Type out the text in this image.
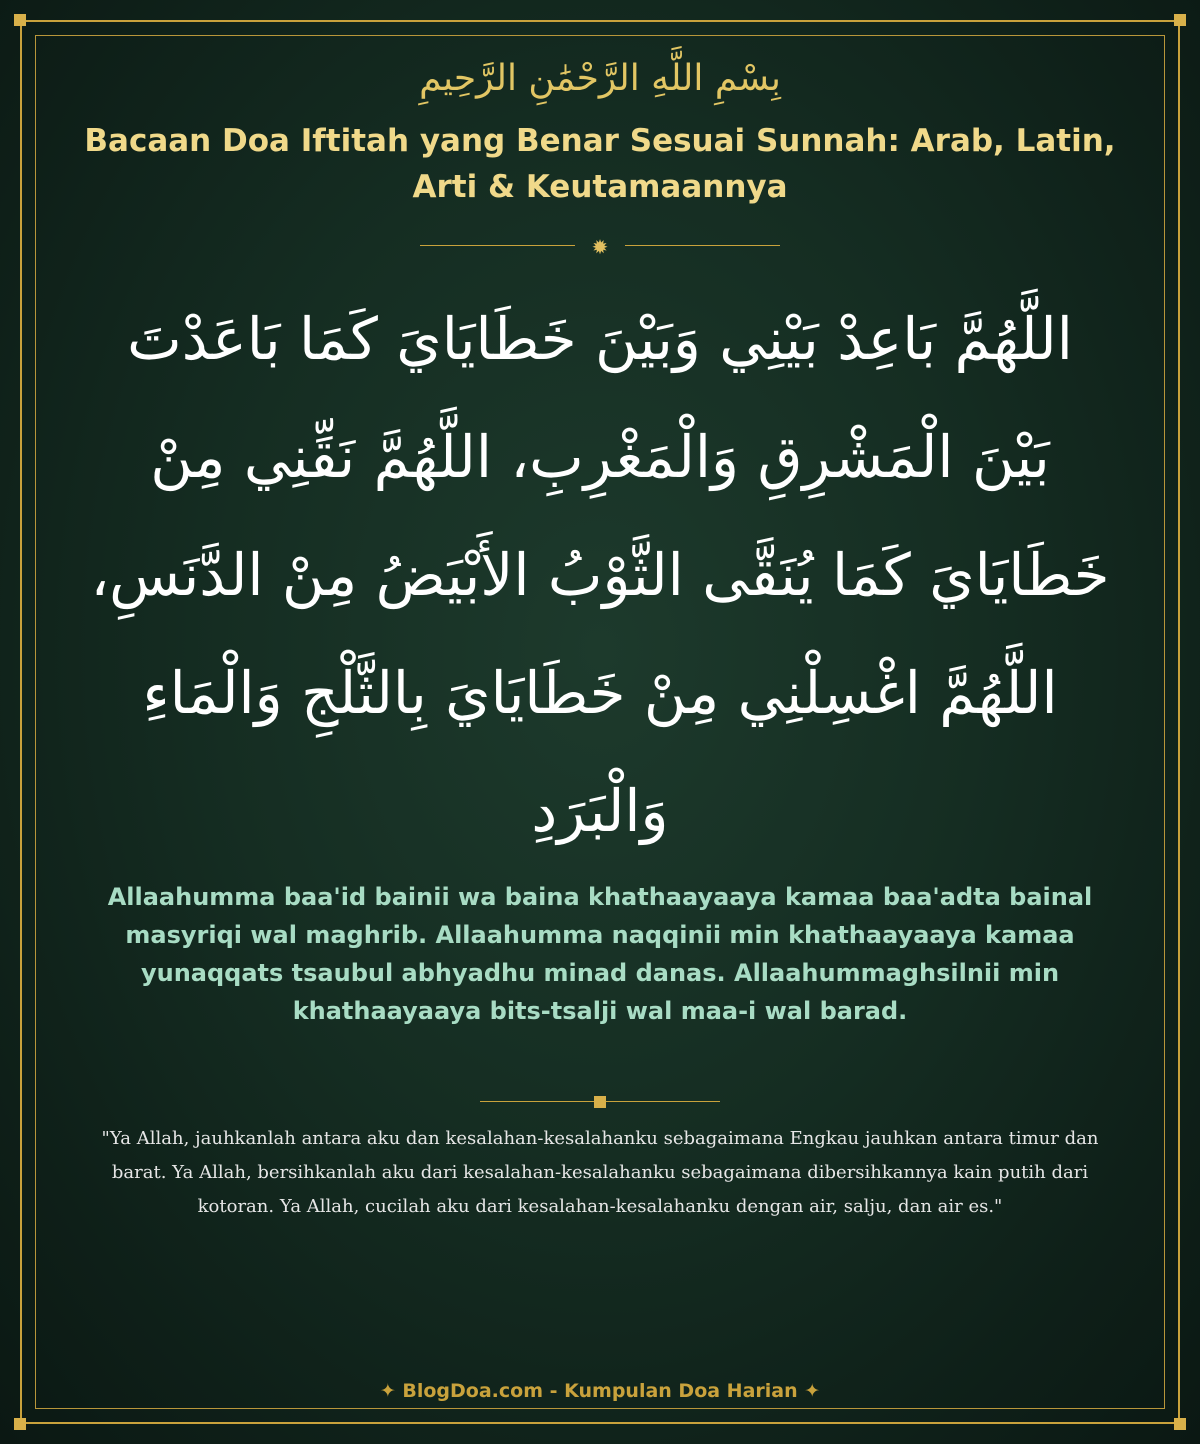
بِسْمِ اللَّهِ الرَّحْمَٰنِ الرَّحِيمِ
Bacaan Doa Iftitah yang Benar Sesuai Sunnah: Arab, Latin, Arti & Keutamaannya
✹
اللَّهُمَّ بَاعِدْ بَيْنِي وَبَيْنَ خَطَايَايَ كَمَا بَاعَدْتَ بَيْنَ الْمَشْرِقِ وَالْمَغْرِبِ، اللَّهُمَّ نَقِّنِي مِنْ خَطَايَايَ كَمَا يُنَقَّى الثَّوْبُ الأَبْيَضُ مِنْ الدَّنَسِ، اللَّهُمَّ اغْسِلْنِي مِنْ خَطَايَايَ بِالثَّلْجِ وَالْمَاءِ وَالْبَرَدِ
Allaahumma baa'id bainii wa baina khathaayaaya kamaa baa'adta bainal masyriqi wal maghrib. Allaahumma naqqinii min khathaayaaya kamaa yunaqqats tsaubul abhyadhu minad danas. Allaahummaghsilnii min khathaayaaya bits-tsalji wal maa-i wal barad.
"Ya Allah, jauhkanlah antara aku dan kesalahan-kesalahanku sebagaimana Engkau jauhkan antara timur dan barat. Ya Allah, bersihkanlah aku dari kesalahan-kesalahanku sebagaimana dibersihkannya kain putih dari kotoran. Ya Allah, cucilah aku dari kesalahan-kesalahanku dengan air, salju, dan air es."
✦ BlogDoa.com - Kumpulan Doa Harian ✦
